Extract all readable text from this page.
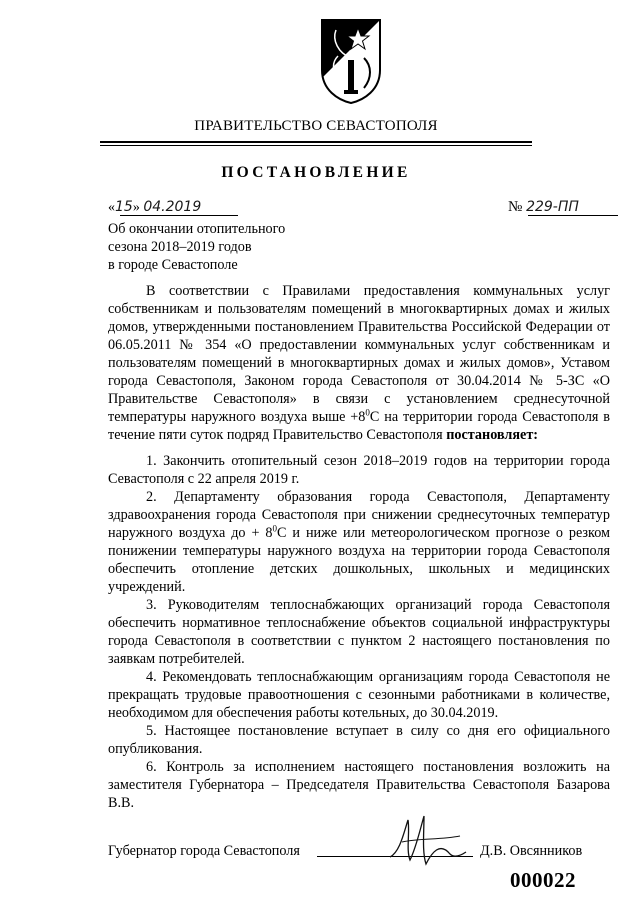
ПРАВИТЕЛЬСТВО СЕВАСТОПОЛЯ
ПОСТАНОВЛЕНИЕ
«15» 04.2019	№ 229-ПП
Об окончании отопительного
сезона 2018–2019 годов
в городе Севастополе

В соответствии с Правилами предоставления коммунальных услуг собственникам и пользователям помещений в многоквартирных домах и жилых домов, утвержденными постановлением Правительства Российской Федерации от 06.05.2011 № 354 «О предоставлении коммунальных услуг собственникам и пользователям помещений в многоквартирных домах и жилых домов», Уставом города Севастополя, Законом города Севастополя от 30.04.2014 № 5-ЗС «О Правительстве Севастополя» в связи с установлением среднесуточной температуры наружного воздуха выше $+8^0С$ на территории города Севастополя в течение пяти суток подряд Правительство Севастополя постановляет:

1. Закончить отопительный сезон 2018–2019 годов на территории города Севастополя с 22 апреля 2019 г.

2. Департаменту образования города Севастополя, Департаменту здравоохранения города Севастополя при снижении среднесуточных температур наружного воздуха до + $8^0С$ и ниже или метеорологическом прогнозе о резком понижении температуры наружного воздуха на территории города Севастополя обеспечить отопление детских дошкольных, школьных и медицинских учреждений.

3. Руководителям теплоснабжающих организаций города Севастополя обеспечить нормативное теплоснабжение объектов социальной инфраструктуры города Севастополя в соответствии с пунктом 2 настоящего постановления по заявкам потребителей.

4. Рекомендовать теплоснабжающим организациям города Севастополя не прекращать трудовые правоотношения с сезонными работниками в количестве, необходимом для обеспечения работы котельных, до 30.04.2019.

5. Настоящее постановление вступает в силу со дня его официального опубликования.

6. Контроль за исполнением настоящего постановления возложить на заместителя Губернатора – Председателя Правительства Севастополя Базарова В.В.

Губернатор города Севастополя	Д.В. Овсянников
000022
